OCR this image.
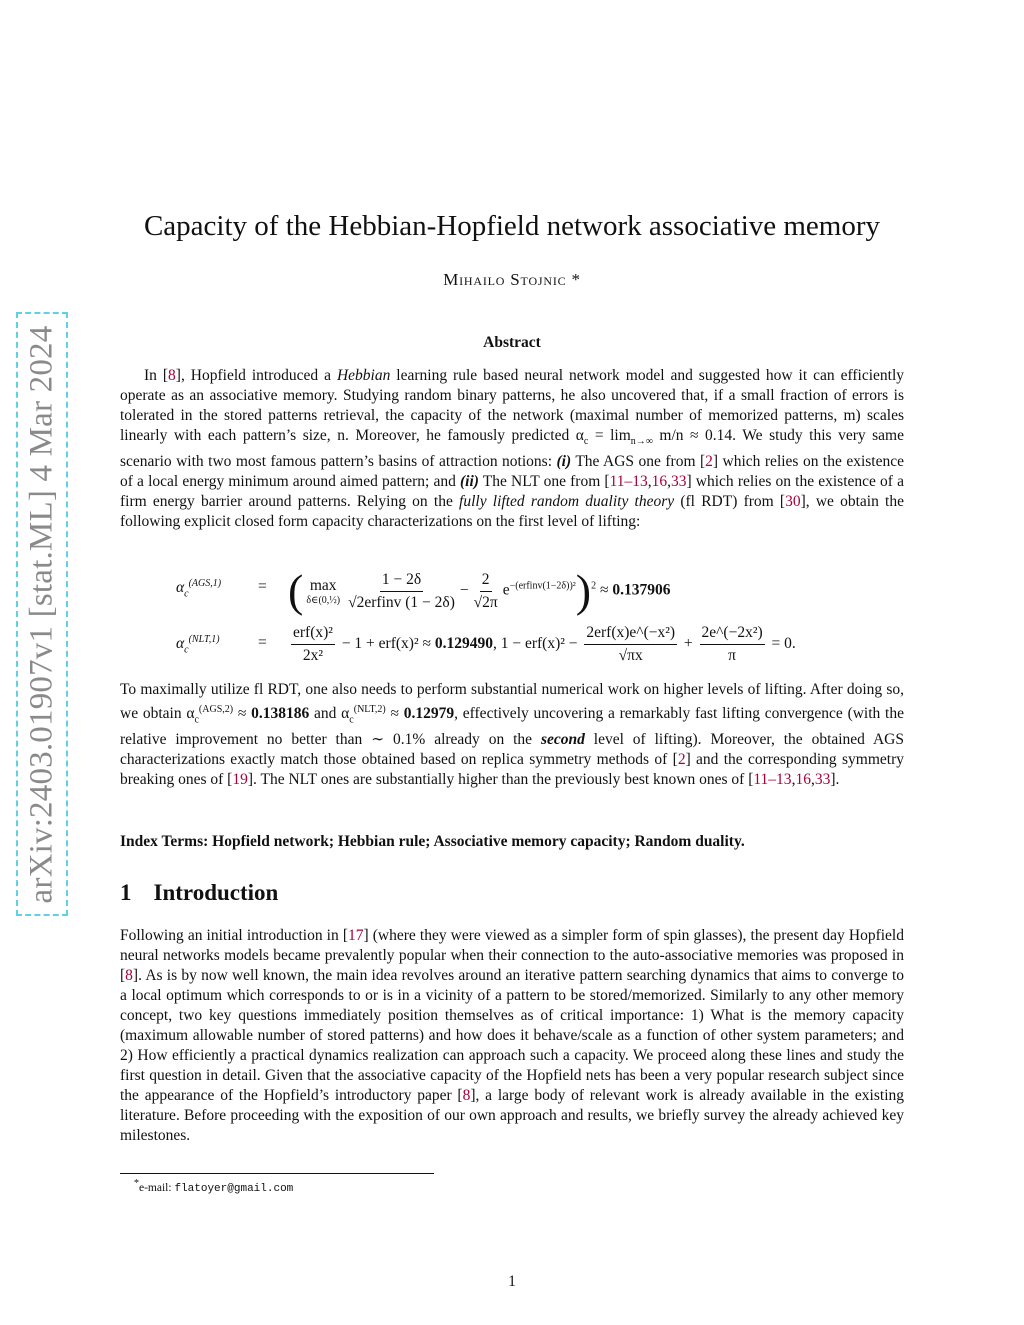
arXiv:2403.01907v1 [stat.ML] 4 Mar 2024
Capacity of the Hebbian-Hopfield network associative memory
Mihailo Stojnic *
Abstract
In [8], Hopfield introduced a Hebbian learning rule based neural network model and suggested how it can efficiently operate as an associative memory. Studying random binary patterns, he also uncovered that, if a small fraction of errors is tolerated in the stored patterns retrieval, the capacity of the network (maximal number of memorized patterns, m) scales linearly with each pattern’s size, n. Moreover, he famously predicted $\alpha_c = \lim_{n\to\infty} m/n \approx 0.14$. We study this very same scenario with two most famous pattern’s basins of attraction notions: (i) The AGS one from [2] which relies on the existence of a local energy minimum around aimed pattern; and (ii) The NLT one from [11–13,16,33] which relies on the existence of a firm energy barrier around patterns. Relying on the fully lifted random duality theory (fl RDT) from [30], we obtain the following explicit closed form capacity characterizations on the first level of lifting:
$\alpha_c^{(AGS,1)}$ = ( max
δ∈(0,½) $\frac{1 - 2\delta}{\text{√2erfinv (1 − 2δ)}} - \frac{2}{√2\pi} e^{-(erfinv(1-2\delta))^2})^2 \approx 0.137906$
$\alpha_c^{(NLT,1)} = \frac{\text{erf(x)²}}{\text{2x²}} - 1 + erf(x)^2 \approx 0.129490$, $1 - erf(x)^2 - \frac{\text{2erf(x)e\textasciicircum{}(−x²)}}{√\pi x} + \frac{\text{2e\textasciicircum{}(−2x²)}}{\pi} = 0$.
To maximally utilize fl RDT, one also needs to perform substantial numerical work on higher levels of lifting. After doing so, we obtain $\alpha_c^{(AGS,2)} \approx 0.138186$ and $\alpha_c^{(NLT,2)} \approx 0.12979$, effectively uncovering a remarkably fast lifting convergence (with the relative improvement no better than ∼ 0.1% already on the second level of lifting). Moreover, the obtained AGS characterizations exactly match those obtained based on replica symmetry methods of [2] and the corresponding symmetry breaking ones of [19]. The NLT ones are substantially higher than the previously best known ones of [11–13,16,33].
Index Terms: Hopfield network; Hebbian rule; Associative memory capacity; Random duality.
1 Introduction
Following an initial introduction in [17] (where they were viewed as a simpler form of spin glasses), the present day Hopfield neural networks models became prevalently popular when their connection to the auto-associative memories was proposed in [8]. As is by now well known, the main idea revolves around an iterative pattern searching dynamics that aims to converge to a local optimum which corresponds to or is in a vicinity of a pattern to be stored/memorized. Similarly to any other memory concept, two key questions immediately position themselves as of critical importance: 1) What is the memory capacity (maximum allowable number of stored patterns) and how does it behave/scale as a function of other system parameters; and 2) How efficiently a practical dynamics realization can approach such a capacity. We proceed along these lines and study the first question in detail. Given that the associative capacity of the Hopfield nets has been a very popular research subject since the appearance of the Hopfield’s introductory paper [8], a large body of relevant work is already available in the existing literature. Before proceeding with the exposition of our own approach and results, we briefly survey the already achieved key milestones.
*e-mail: flatoyer@gmail.com
1
